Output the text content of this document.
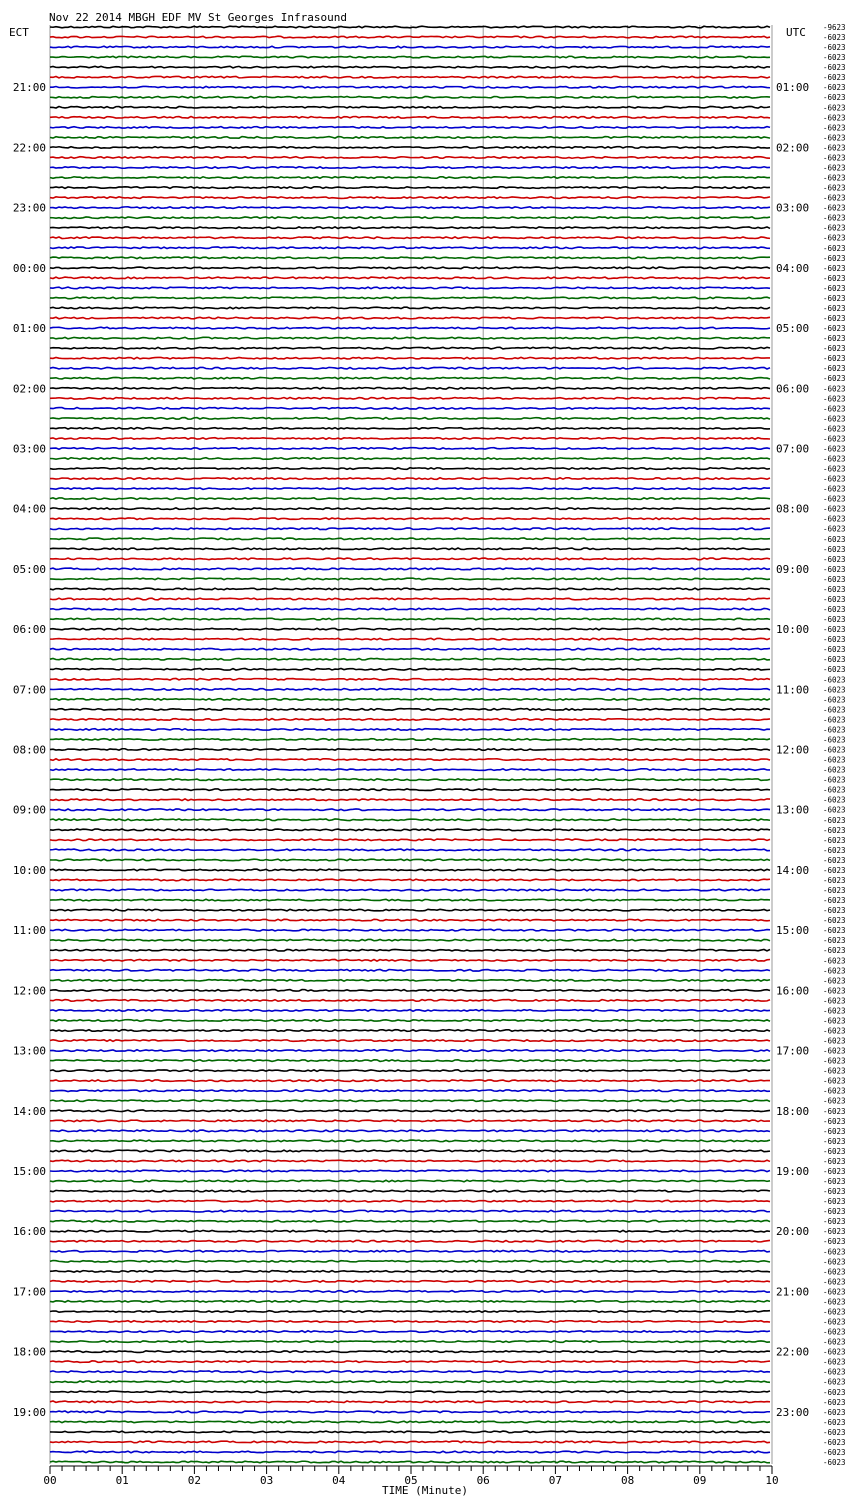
Nov 22 2014 MBGH EDF MV St Georges Infrasound
ECT	UTC
21:00
22:00
23:00
00:00
01:00
02:00
03:00
04:00
05:00
06:00
07:00
08:00
09:00
10:00
11:00
12:00
13:00
14:00
15:00
16:00
17:00
18:00
19:00
01:00
02:00
03:00
04:00
05:00
06:00
07:00
08:00
09:00
10:00
11:00
12:00
13:00
14:00
15:00
16:00
17:00
18:00
19:00
20:00
21:00
22:00
23:00
-9623
-6023
-6023
-6023
-6023
-6023
-6023
-6023
-6023
-6023
-6023
-6023
-6023
-6023
-6023
-6023
-6023
-6023
-6023
-6023
-6023
-6023
-6023
-6023
-6023
-6023
-6023
-6023
-6023
-6023
-6023
-6023
-6023
-6023
-6023
-6023
-6023
-6023
-6023
-6023
-6023
-6023
-6023
-6023
-6023
-6023
-6023
-6023
-6023
-6023
-6023
-6023
-6023
-6023
-6023
-6023
-6023
-6023
-6023
-6023
-6023
-6023
-6023
-6023
-6023
-6023
-6023
-6023
-6023
-6023
-6023
-6023
-6023
-6023
-6023
-6023
-6023
-6023
-6023
-6023
-6023
-6023
-6023
-6023
-6023
-6023
-6023
-6023
-6023
-6023
-6023
-6023
-6023
-6023
-6023
-6023
-6023
-6023
-6023
-6023
-6023
-6023
-6023
-6023
-6023
-6023
-6023
-6023
-6023
-6023
-6023
-6023
-6023
-6023
-6023
-6023
-6023
-6023
-6023
-6023
-6023
-6023
-6023
-6023
-6023
-6023
-6023
-6023
-6023
-6023
-6023
-6023
-6023
-6023
-6023
-6023
-6023
-6023
-6023
-6023
-6023
-6023
-6023
-6023
00	01	02	03	04	05	06	07	08	09	10
TIME (Minute)
